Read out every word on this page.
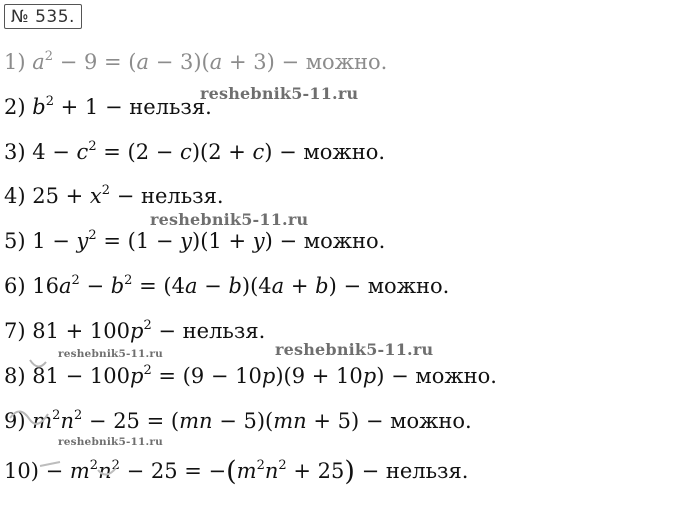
№ 535.
1) $a^2 - 9 = (a - 3)(a + 3)$ − можно.
2) $b^2 + 1$ − нельзя.
3) $4 - c^2 = (2 - c)(2 + c)$ − можно.
4) $25 + x^2$ − нельзя.
5) $1 - y^2 = (1 - y)(1 + y)$ − можно.
6) $16a^2 - b^2 = (4a - b)(4a + b)$ − можно.
7) $81 + 100p^2$ − нельзя.
8) $81 - 100p^2 = (9 - 10p)(9 + 10p)$ − можно.
9) $m^2n^2 - 25 = (mn - 5)(mn + 5)$ − можно.
$10) - m^2n^2 - 25 = -(m^2n^2 + 25)$ − нельзя.
reshebnik5-11.ru
reshebnik5-11.ru
reshebnik5-11.ru
reshebnik5-11.ru
reshebnik5-11.ru
